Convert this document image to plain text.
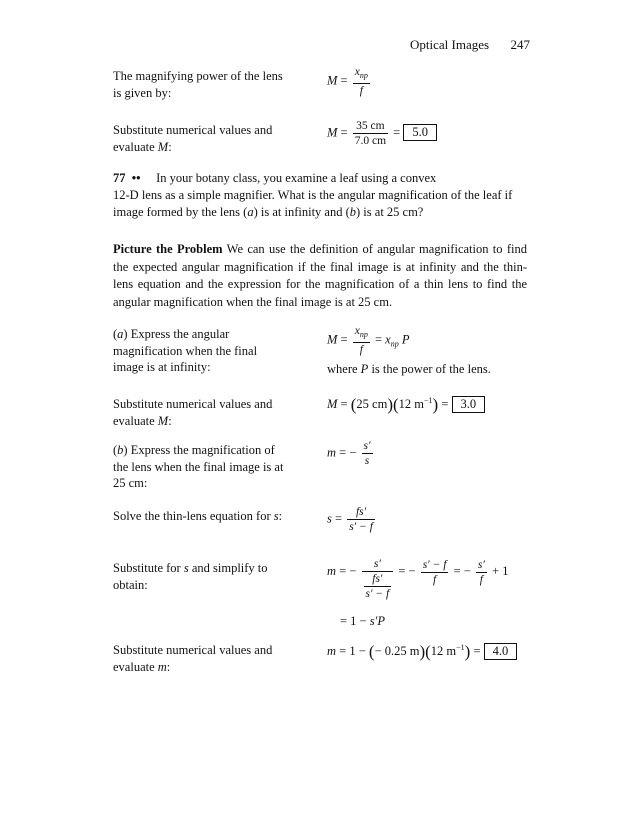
Optical Images 247
The magnifying power of the lens is given by:
$M = \frac{x_{np}}{f}$
Substitute numerical values and evaluate M:
$M = \frac{35 cm}{7.0 cm} = 5.0$
77 •• In your botany class, you examine a leaf using a convex
12-D lens as a simple magnifier. What is the angular magnification of the leaf if
image formed by the lens (a) is at infinity and (b) is at 25 cm?
Picture the Problem We can use the definition of angular magnification to find the expected angular magnification if the final image is at infinity and the thin-lens equation and the expression for the magnification of a thin lens to find the angular magnification when the final image is at 25 cm.
(a) Express the angular magnification when the final image is at infinity:
$M = \frac{x_{np}}{f} = x_{np}$ P
where P is the power of the lens.
Substitute numerical values and evaluate M:
M = (25 cm)(12 $m^{-1}) = 3.0$
(b) Express the magnification of the lens when the final image is at 25 cm:
m = − $\frac{s'}{s}$
Solve the thin-lens equation for s:	$s = \frac{fs'}{s' - f}$
Substitute for s and simplify to obtain:
m = − $\frac{s'}{\frac{fs'}{s' - f}}$ = − $\frac{s' - f}{f}$ = − $\frac{s'}{f} + 1$
= 1 − s′P
Substitute numerical values and evaluate m:
m = 1 − (− 0.25 m)(12 $m^{-1}) = 4.0$
